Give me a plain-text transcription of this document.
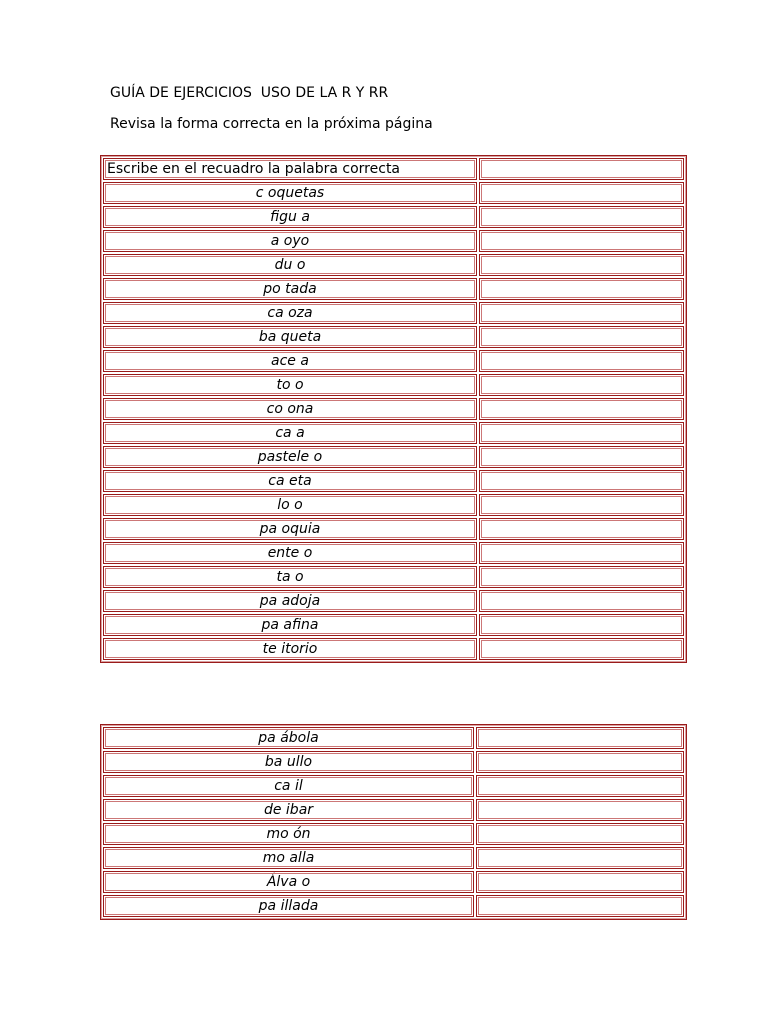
GUÍA DE EJERCICIOS  USO DE LA R Y RR
Revisa la forma correcta en la próxima página
Escribe en el recuadro la palabra correcta	
c oquetas	
figu a	
a oyo	
du o	
po tada	
ca oza	
ba queta	
ace a	
to o	
co ona	
ca a	
pastele o	
ca eta	
lo o	
pa oquia	
ente o	
ta o	
pa adoja	
pa afina	
te itorio	
pa ábola	
ba ullo	
ca il	
de ibar	
mo ón	
mo alla	
Álva o	
pa illada	
